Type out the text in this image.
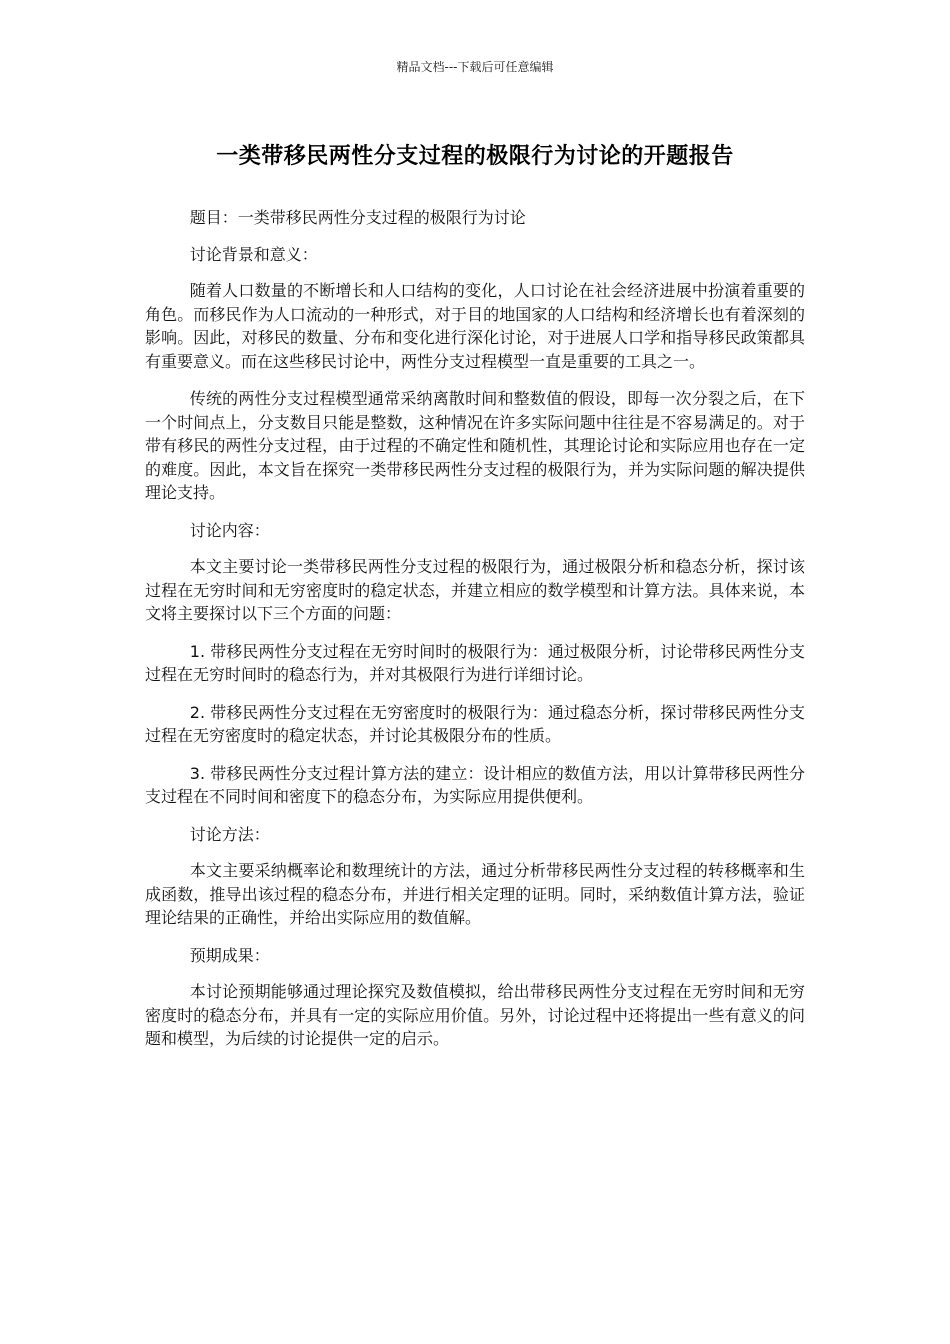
精品文档---下载后可任意编辑
一类带移民两性分支过程的极限行为讨论的开题报告

题目：一类带移民两性分支过程的极限行为讨论

讨论背景和意义：

随着人口数量的不断增长和人口结构的变化，人口讨论在社会经济进展中扮演着重要的角色。而移民作为人口流动的一种形式，对于目的地国家的人口结构和经济增长也有着深刻的影响。因此，对移民的数量、分布和变化进行深化讨论，对于进展人口学和指导移民政策都具有重要意义。而在这些移民讨论中，两性分支过程模型一直是重要的工具之一。

传统的两性分支过程模型通常采纳离散时间和整数值的假设，即每一次分裂之后，在下一个时间点上，分支数目只能是整数，这种情况在许多实际问题中往往是不容易满足的。对于带有移民的两性分支过程，由于过程的不确定性和随机性，其理论讨论和实际应用也存在一定的难度。因此，本文旨在探究一类带移民两性分支过程的极限行为，并为实际问题的解决提供理论支持。

讨论内容：

本文主要讨论一类带移民两性分支过程的极限行为，通过极限分析和稳态分析，探讨该过程在无穷时间和无穷密度时的稳定状态，并建立相应的数学模型和计算方法。具体来说，本文将主要探讨以下三个方面的问题：

1. 带移民两性分支过程在无穷时间时的极限行为：通过极限分析，讨论带移民两性分支过程在无穷时间时的稳态行为，并对其极限行为进行详细讨论。

2. 带移民两性分支过程在无穷密度时的极限行为：通过稳态分析，探讨带移民两性分支过程在无穷密度时的稳定状态，并讨论其极限分布的性质。

3. 带移民两性分支过程计算方法的建立：设计相应的数值方法，用以计算带移民两性分支过程在不同时间和密度下的稳态分布，为实际应用提供便利。

讨论方法：

本文主要采纳概率论和数理统计的方法，通过分析带移民两性分支过程的转移概率和生成函数，推导出该过程的稳态分布，并进行相关定理的证明。同时，采纳数值计算方法，验证理论结果的正确性，并给出实际应用的数值解。

预期成果：

本讨论预期能够通过理论探究及数值模拟，给出带移民两性分支过程在无穷时间和无穷密度时的稳态分布，并具有一定的实际应用价值。另外，讨论过程中还将提出一些有意义的问题和模型，为后续的讨论提供一定的启示。
